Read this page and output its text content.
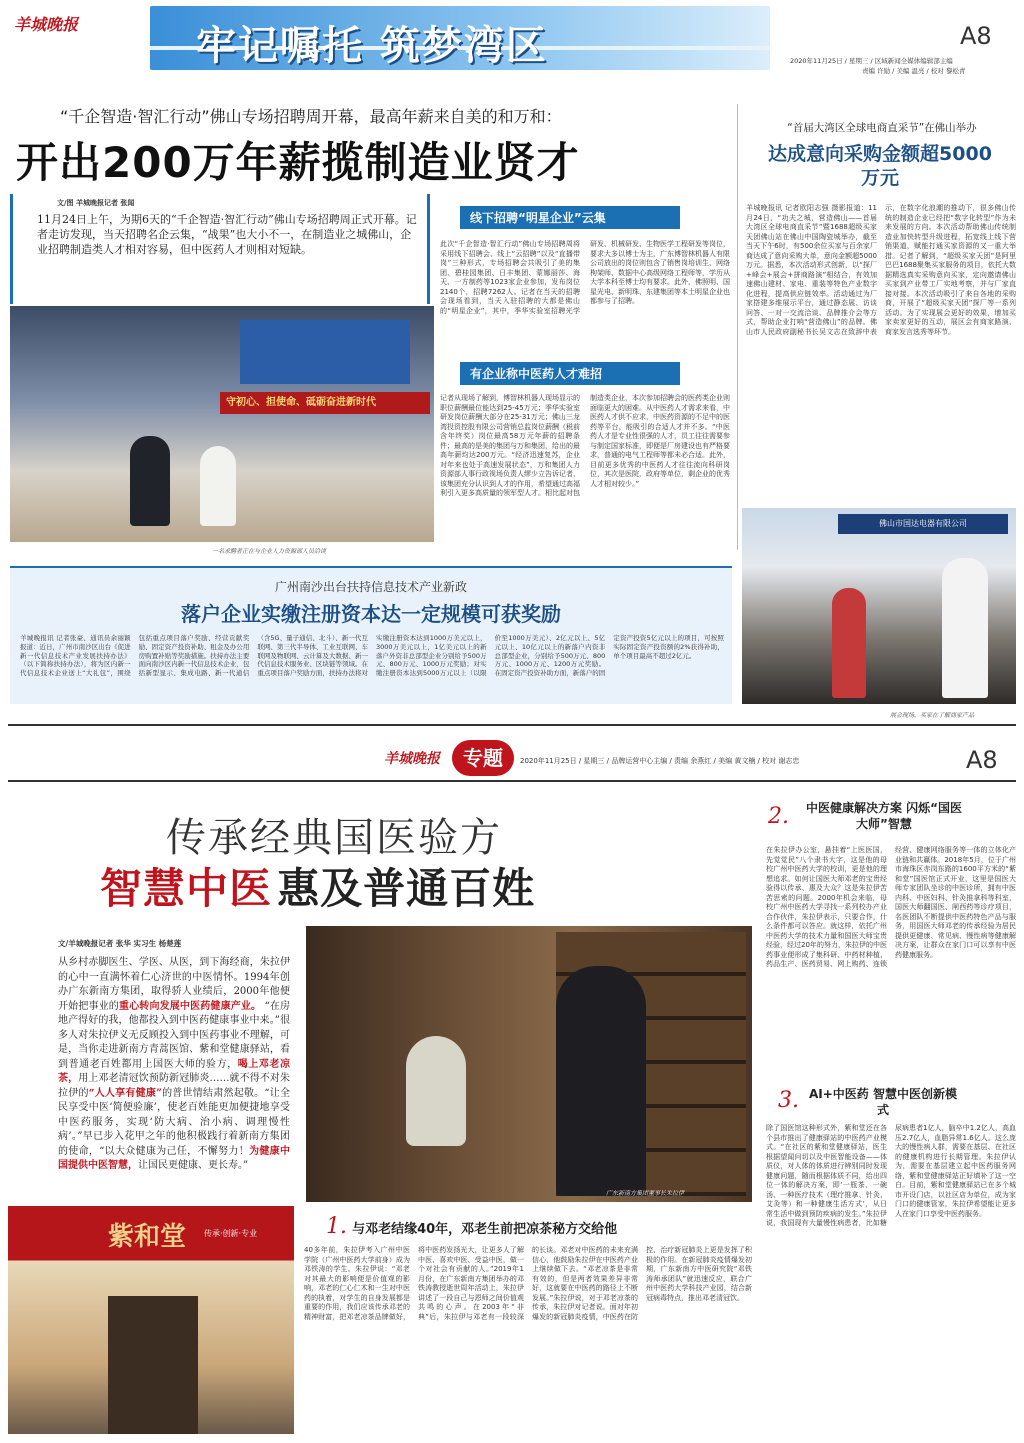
羊城晚报	牢记嘱托 筑梦湾区	A8
2020年11月25日 / 星期三 / 区域新闻全媒体编辑部主编
责编 许励 / 美编 温亮 / 校对 黎松青
“千企智造·智汇行动”佛山专场招聘周开幕，最高年薪来自美的和万和：
开出200万年薪揽制造业贤才
文/图 羊城晚报记者 张闻
11月24日上午，为期6天的“千企智造·智汇行动”佛山专场招聘周正式开幕。记者走访发现，当天招聘名企云集，“战果”也大小不一，在制造业之城佛山，企业招聘制造类人才相对容易，但中医药人才则相对短缺。
线下招聘“明星企业”云集
此次“千企智造·智汇行动”佛山专场招聘周将采用线下招聘会、线上“云招聘”以及“直播带岗”三种形式，专场招聘会共吸引了美的集团、碧桂园集团、日丰集团、蒙娜丽莎、海天、一方制药等1023家企业参加，发布岗位2140个，招聘7262人。记者在当天的招聘会现场看到，当天入驻招聘的大都是佛山的“明星企业”，其中，季华实验室招聘光学研发、机械研发、生物医学工程研发等岗位，要求大多以博士为主，广东博智林机器人有限公司放出的岗位则包含了销售岗培训生、网络枸架师、数据中心高级网络工程师等，学历从大学本科至博士均有要求。此外，佛照明、国星光电、新明珠、东建集团等本土明星企业也都参与了招聘。
有企业称中医药人才难招
记者从现场了解到，博智林机器人现场显示的职位薪酬最位能达到25-45万元；季华实验室研发岗位薪酬大部分在25-31万元；佛山三龙湾投资控股有限公司营销总监岗位薪酬（税前含年终奖）岗位最高58万元年薪的招聘条件；最高的是美的集团与万和集团，给出的最高年薪均达200万元。“经济迅速复苏，企业对年来也处于高速发展状态”，万和集团人力资源部人事行政视场负责人缪少立告诉记者，该集团充分认识到人才的作用，希望通过高福利引入更多高质量的领军型人才。相比起对包制造类企业，本次参加招聘会的医药类企业则面临更大的困难。从中医药人才需求来看，中医药人才供不应求，中医药资源的不足中的医药等平台，能吸引的合适人才并不多。“中医药人才是专业性很强的人才，员工往往需要参与制定国家标准，即便是厂房建设也有严格要求，普通的电气工程师等都未必合适。此外，目前更多优秀的中医药人才往往流向科研岗位，其次是医院，政府等单位，剩企业的优秀人才相对较少。”
守初心、担使命、砥砺奋进新时代
一名求聘者正在与企业人力资源部人员洽谈
“首届大湾区全球电商直采节”在佛山举办
达成意向采购金额超5000万元
羊城晚报讯 记者欧阳志强 摄影报道：11月24日，“功夫之城，营造佛山——首届大湾区全球电商直采节”暨1688超级买家天团佛山站在佛山中国陶瓷城举办，截至当天下午6时，有500余位买家与百余家厂商达成了意向采购大单，意向金额超5000万元。据悉，本次活动形式创新，以“探厂+峰会+展会+拼商路演”相结合，有效加速佛山建材、家电、重装等特色产业数字化进程，提高供应链效率。活动通过为厂家搭建多维展示平台，通过静态展、访谈问答、一对一交流洽谈、品牌推介会等方式，帮助企业打响“营造佛山”的品牌。佛山市人民政府副秘书长吴文志在致辞中表示，在数字化浪潮的推动下，很多佛山传统的制造企业已经把“数字化转型”作为未来发展的方向。本次活动帮助佛山传统制造业加快转型升级进程，拓宽线上线下营销渠道，赋能打通买家资源的又一重大举措。记者了解到，“超级买家天团”是阿里巴巴1688聚集买家服务的项目，依托大数据精选真实采购意向买家，定向邀请佛山买家到产业带工厂实地考察，并与厂家直接对接。本次活动吸引了来自各地的采购商，开展了“超级买家天团”探厂等一系列活动。为了实现展会更好的效果，增加买家卖家更好的互动，展区会有商家路演、商家发言选秀等环节。
佛山市国达电器有限公司
展会现场，买家在了解商家产品
广州南沙出台扶持信息技术产业新政
落户企业实缴注册资本达一定规模可获奖励
羊城晚报讯 记者张豪、通讯员余丽颖报道：近日，广州市南沙区出台《促进新一代信息技术产业发展扶持办法》（以下简称扶持办法），将为区内新一代信息技术企业送上“大礼包”，围绕包括重点项目落户奖励、经营贡献奖励、固定资产投资补助、租金及办公用房购置补贴等奖励措施。扶持办法主要面向南沙区内新一代信息技术企业，包括新型显示、集成电路、新一代通信（含5G、量子通信、北斗）、新一代互联网、第三代半导体、工业互联网、车联网及物联网、云计算及大数据、新一代信息技术服务业、区块链等领域。在重点项目落户奖励方面，扶持办法将对实缴注册资本达到1000万美元以上，3000万美元以上，1亿美元以上的新落户外资非总部型企业分别给予500万元、800万元、1000万元奖励；对实缴注册资本达到5000万元以上（以限价至1000万美元）、2亿元以上、5亿元以上、10亿元以上的新落户内资非总部型企业，分别给予500万元、800万元、1000万元、1200万元奖励。在固定资产投资补助方面，新落户的固定资产投资5亿元以上的项目，可按照实际固定资产投资额的2%获得补助，单个项目最高不超过2亿元。
羊城晚报	专题	2020年11月25日 / 星期三 / 品牌运营中心主编 / 责编 余燕红 / 美编 黄文楠 / 校对 谢志忠	A8
传承经典国医验方
智慧中医 惠及普通百姓
文/羊城晚报记者 张华 实习生 杨楚莲
从乡村赤脚医生、学医、从医，到下海经商，朱拉伊的心中一直满怀着仁心济世的中医情怀。1994年创办广东新南方集团，取得骄人业绩后，2000年他便开始把事业的重心转向发展中医药健康产业。 “在房地产得好的我，他都投入到中医药健康事业中来。”很多人对朱拉伊义无反顾投入到中医药事业不理解，可是，当你走进新南方青蒿医馆、紫和堂健康驿站，看到普通老百姓都用上国医大师的验方，喝上邓老凉茶，用上邓老清冠饮预防新冠肺炎……就不得不对朱拉伊的“人人享有健康”的普世情结肃然起敬。“让全民享受中医‘简便验廉’，使老百姓能更加便捷地享受中医药服务，实现‘防大病、治小病、调理慢性病’。”早已步入花甲之年的他积极践行着新南方集团的使命，“以大众健康为己任，不懈努力！为健康中国提供中医智慧，让国民更健康、更长寿。”
广东新南方集团董事长朱拉伊
紫和堂 传承·创新·专业	1. 与邓老结缘40年，邓老生前把凉茶秘方交给他
40多年前，朱拉伊考入广州中医学院（广州中医药大学前身）成为邓铁涛的学生。朱拉伊说：“邓老对其最大的影响便是价值观的影响，邓老的仁心仁术和一生对中医药的执着，对学生的自身发展都是重要的作用，我们应该传承邓老的精神财富，把邓老凉茶品牌做好，将中医药发扬光大，让更多人了解中医、喜欢中医、受益中医，做一个对社会有贡献的人。”2019年1月份，在广东新南方集团举办的邓铁涛教授逝世周年活动上，朱拉伊讲述了一段自己与恩师之间价值观共鸣的心声。在2003年“非典”后，朱拉伊与邓老有一段较深的长谈。邓老对中医药的未来充满信心，他鼓励朱拉伊在中医药产业上继续做下去。“邓老凉茶是非常有效的，但是两者效果差异非常好，这就要在中医药的路径上不断发展。”朱拉伊说，对于邓老凉茶的传承，朱拉伊对记者说。面对年初爆发的新冠肺炎疫情，中医药在防控、治疗新冠肺炎上更是发挥了积极的作用。在新冠肺炎疫情爆发初期，广东新南方中医研究院“邓铁涛师承团队”就迅速反应，联合广州中医药大学科技产业园，结合新冠病毒特点，推出邓老清冠饮。
2. 中医健康解决方案 闪烁“国医大师”智慧
在朱拉伊办公室，悬挂着“上医医国，先觉觉民”八个隶书大字，这是他的母校广州中医药大学的校训，更是他的理想追求。如何让国医大师邓老的宝贵经验得以传承、惠及大众？这是朱拉伊苦苦思索的问题。2000年机会来临，母校广州中医药大学寻找一系列校办产业合作伙伴，朱拉伊表示，只要合作，什么条件都可以答应。就这样，依托广州中医药大学的技术力量和国医大师宝贵经验，经过20年的努力，朱拉伊的中医药事业便形成了集科研、中药材种植、药品生产、医药贸易、网上购药、连锁经营、健康网络服务等一体的立体化产业链和共赢体。2018年5月，位于广州市海珠区赤岗东路的1600平方米的“紫和堂”国医馆正式开业，这里是国医大师专家团队坐诊的中医诊所，拥有中医内科、中医妇科、针灸推拿科等科室，国医大师翻国医、闸西药等诊疗项目，名医团队不断提供中医药特色产品与服务，用国医大师邓老的传承经验为居民提供更健康、常见病、慢性病等健康解决方案，让群众在家门口可以享有中医药健康服务。
3. AI+中医药 智慧中医创新模式
除了国医馆这种形式外，紫和堂还在各个县市推出了健康驿站的中医药产业模式。“在社区的紫和堂健康驿站，医生根据望闻问切以及中医智能设备——体质仪，对人体的体质进行辨别同时发现健康问题，随而根据体质不同，给出四位一体的解决方案，即‘一瓶茶、一碗汤、一种医疗技术（理疗推拿、针灸、艾灸等）和一种健康生活方式’，从日常生活中做到预防疾病的发生。”朱拉伊说，我国现有大量慢性病患者，比如糖尿病患者1亿人，脑卒中1.2亿人，高血压2.7亿人，血脂异常1.6亿人。这么庞大的慢性病人群，需要在基层、在社区的健康机构进行长期管理。朱拉伊认为，需要在基层建立起中医药服务网络，紫和堂健康驿站正好填补了这一空白。目前，紫和堂健康驿站已在多个城市开设门店，以社区店为单位，成为家门口的健康管家，朱拉伊希望能让更多人在家门口享受中医药服务。
